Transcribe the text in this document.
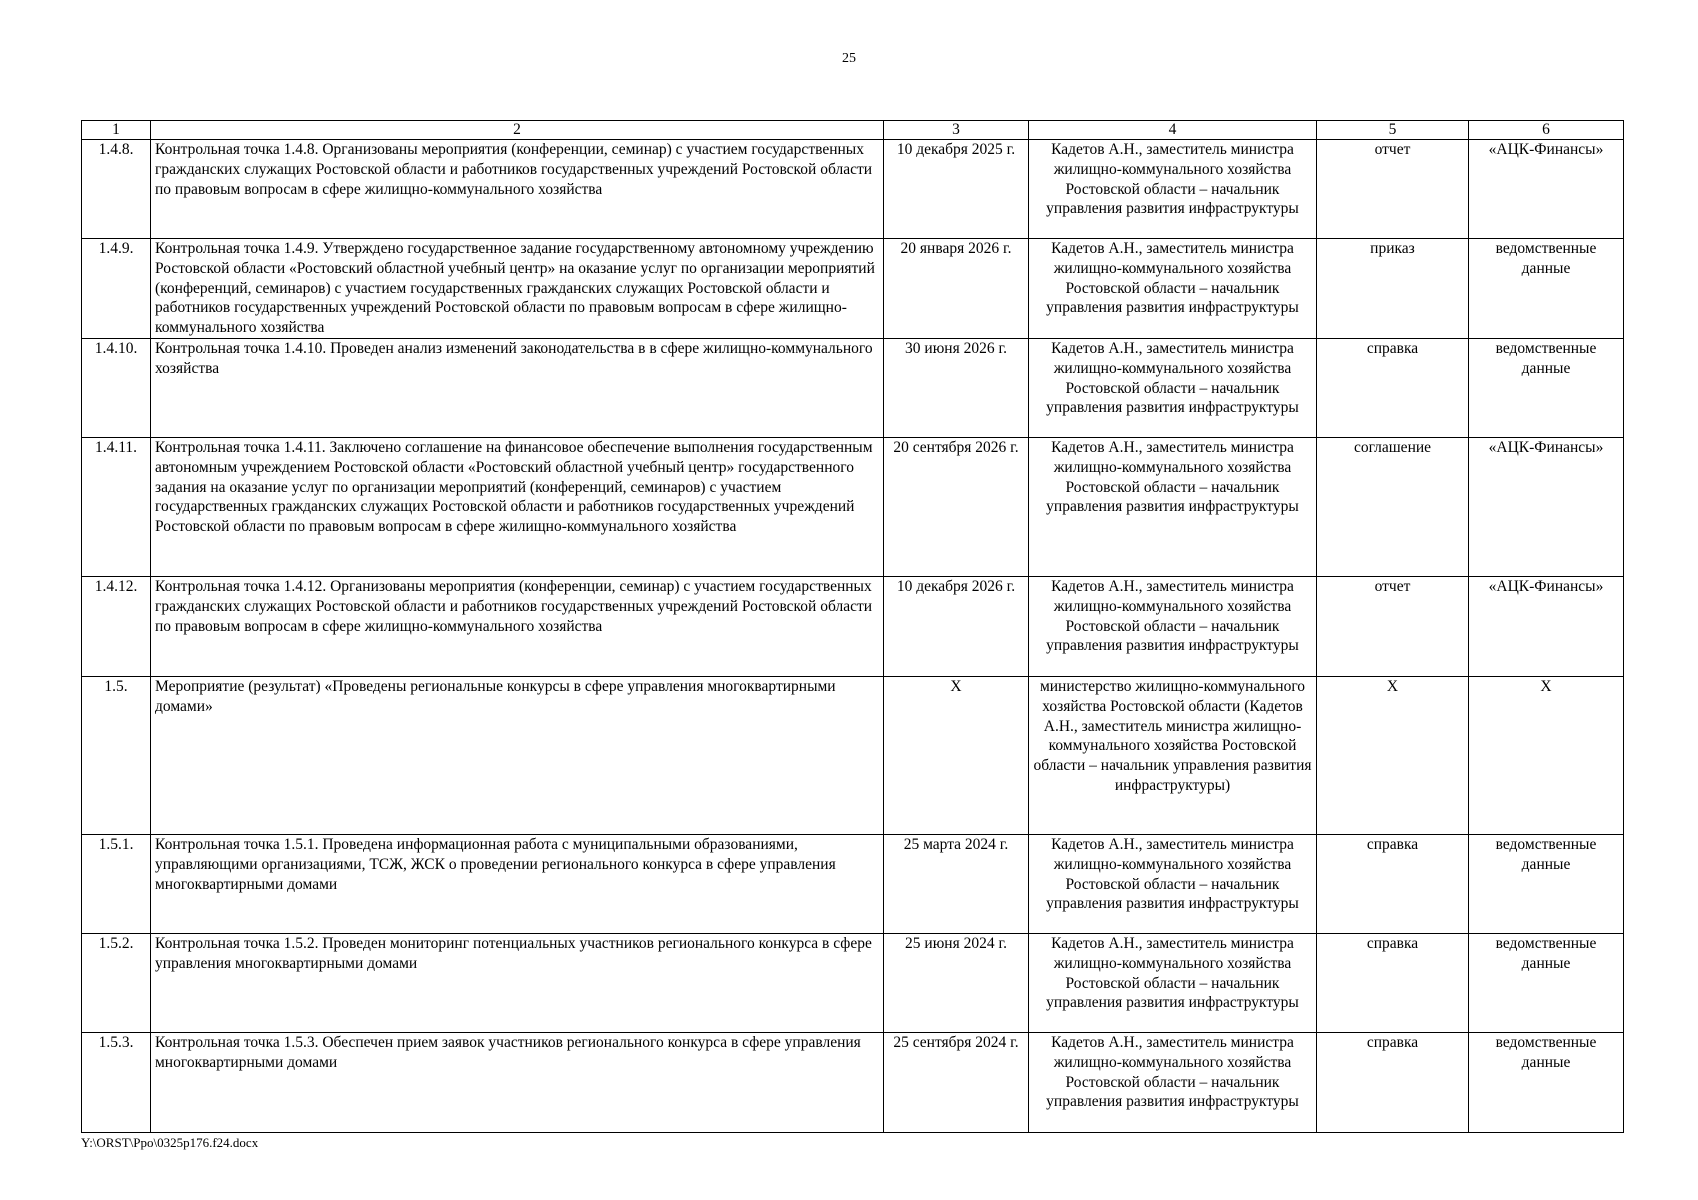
25
1	2	3	4	5	6
1.4.8.	Контрольная точка 1.4.8. Организованы мероприятия (конференции, семинар) с участием государственных гражданских служащих Ростовской области и работников государственных учреждений Ростовской области по правовым вопросам в сфере жилищно-коммунального хозяйства	10 декабря 2025 г.	Кадетов А.Н., заместитель министра жилищно-коммунального хозяйства Ростовской области – начальник управления развития инфраструктуры	отчет	«АЦК-Финансы»
1.4.9.	Контрольная точка 1.4.9. Утверждено государственное задание государственному автономному учреждению Ростовской области «Ростовский областной учебный центр» на оказание услуг по организации мероприятий (конференций, семинаров) с участием государственных гражданских служащих Ростовской области и работников государственных учреждений Ростовской области по правовым вопросам в сфере жилищно-коммунального хозяйства	20 января 2026 г.	Кадетов А.Н., заместитель министра жилищно-коммунального хозяйства Ростовской области – начальник управления развития инфраструктуры	приказ	ведомственные данные
1.4.10.	Контрольная точка 1.4.10. Проведен анализ изменений законодательства в в сфере жилищно-коммунального хозяйства	30 июня 2026 г.	Кадетов А.Н., заместитель министра жилищно-коммунального хозяйства Ростовской области – начальник управления развития инфраструктуры	справка	ведомственные данные
1.4.11.	Контрольная точка 1.4.11. Заключено соглашение на финансовое обеспечение выполнения государственным автономным учреждением Ростовской области «Ростовский областной учебный центр» государственного задания на оказание услуг по организации мероприятий (конференций, семинаров) с участием государственных гражданских служащих Ростовской области и работников государственных учреждений Ростовской области по правовым вопросам в сфере жилищно-коммунального хозяйства	20 сентября 2026 г.	Кадетов А.Н., заместитель министра жилищно-коммунального хозяйства Ростовской области – начальник управления развития инфраструктуры	соглашение	«АЦК-Финансы»
1.4.12.	Контрольная точка 1.4.12. Организованы мероприятия (конференции, семинар) с участием государственных гражданских служащих Ростовской области и работников государственных учреждений Ростовской области по правовым вопросам в сфере жилищно-коммунального хозяйства	10 декабря 2026 г.	Кадетов А.Н., заместитель министра жилищно-коммунального хозяйства Ростовской области – начальник управления развития инфраструктуры	отчет	«АЦК-Финансы»
1.5.	Мероприятие (результат) «Проведены региональные конкурсы в сфере управления многоквартирными домами»	Х	министерство жилищно-коммунального хозяйства Ростовской области (Кадетов А.Н., заместитель министра жилищно-коммунального хозяйства Ростовской области – начальник управления развития инфраструктуры)	Х	Х
1.5.1.	Контрольная точка 1.5.1. Проведена информационная работа с муниципальными образованиями, управляющими организациями, ТСЖ, ЖСК о проведении регионального конкурса в сфере управления многоквартирными домами	25 марта 2024 г.	Кадетов А.Н., заместитель министра жилищно-коммунального хозяйства Ростовской области – начальник управления развития инфраструктуры	справка	ведомственные данные
1.5.2.	Контрольная точка 1.5.2. Проведен мониторинг потенциальных участников регионального конкурса в сфере управления многоквартирными домами	25 июня 2024 г.	Кадетов А.Н., заместитель министра жилищно-коммунального хозяйства Ростовской области – начальник управления развития инфраструктуры	справка	ведомственные данные
1.5.3.	Контрольная точка 1.5.3. Обеспечен прием заявок участников регионального конкурса в сфере управления многоквартирными домами	25 сентября 2024 г.	Кадетов А.Н., заместитель министра жилищно-коммунального хозяйства Ростовской области – начальник управления развития инфраструктуры	справка	ведомственные данные
Y:\ORST\Ppo\0325p176.f24.docx
